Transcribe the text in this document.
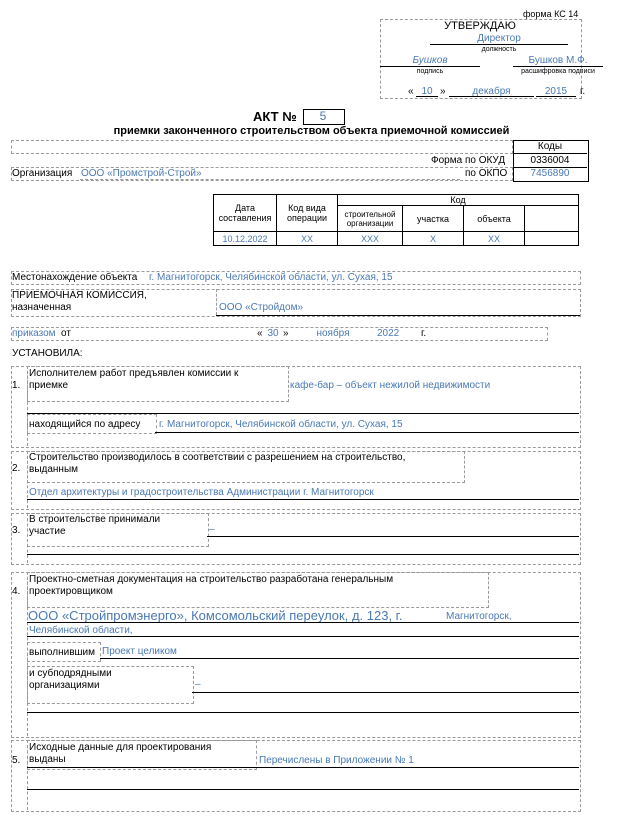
форма КС 14
УТВЕРЖДАЮ
Директор
должность
Бушков
подпись
Бушков М.Ф.
расшифровка подписи
« 10 »	декабря	2015	г.
АКТ №	5
приемки законченного строительством объекта приемочной комиссией
Коды
Форма по ОКУД	0336004
Организация ООО «Промстрой-Строй»	по ОКПО	7456890
Дата составления	Код вида операции	Код			
		строительной организации	участка	объекта	
10.12.2022	ХХ	ХХХ	Х	ХХ	
Местонахождение объекта г. Магнитогорск, Челябинской области, ул. Сухая, 15
ПРИЕМОЧНАЯ КОМИССИЯ,
назначенная	ООО «Стройдом»
приказом от	« 30 »	ноября	2022 г.
УСТАНОВИЛА:
1.
Исполнителем работ предъявлен комиссии к
приемке	кафе-бар – объект нежилой недвижимости
находящийся по адресу г. Магнитогорск, Челябинской области, ул. Сухая, 15
2.
Строительство производилось в соответствии с разрешением на строительство,
выданным
Отдел архитектуры и градостроительства Администрации г. Магнитогорск
3.
В строительстве принимали
участие	–
4.
Проектно-сметная документация на строительство разработана генеральным
проектировщиком
ООО «Стройпромэнерго», Комсомольский переулок, д. 123, г.	Магнитогорск,
Челябинской области,
выполнившим Проект целиком
и субподрядными
организациями	–
5.
Исходные данные для проектирования
выданы	Перечислены в Приложении № 1
